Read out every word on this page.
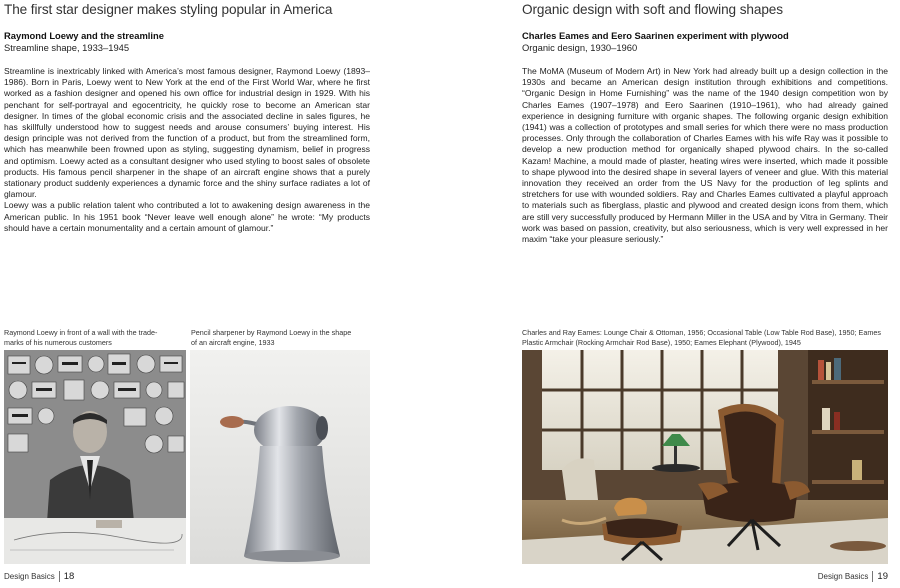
The first star designer makes styling popular in America
Raymond Loewy and the streamline
Streamline shape, 1933–1945

Streamline is inextricably linked with America’s most famous designer, Raymond Loewy (1893–1986). Born in Paris, Loewy went to New York at the end of the First World War, where he first worked as a fashion designer and opened his own office for industrial design in 1929. With his penchant for self-portrayal and egocentricity, he quickly rose to become an American star designer. In times of the global economic crisis and the associated decline in sales figures, he has skillfully understood how to suggest needs and arouse consumers’ buying interest. His design principle was not derived from the function of a product, but from the streamlined form, which has meanwhile been frowned upon as styling, suggesting dynamism, belief in progress and optimism. Loewy acted as a consultant designer who used styling to boost sales of obsolete products. His famous pencil sharpener in the shape of an aircraft engine shows that a purely stationary product suddenly experiences a dynamic force and the shiny surface radiates a lot of glamour.

Loewy was a public relation talent who contributed a lot to awakening design awareness in the American public. In his 1951 book “Never leave well enough alone” he wrote: “My products should have a certain monumentality and a certain amount of glamour.”

Raymond Loewy in front of a wall with the trade-marks of his numerous customers
Pencil sharpener by Raymond Loewy in the shape of an aircraft engine, 1933
Design Basics 18
Organic design with soft and flowing shapes
Charles Eames and Eero Saarinen experiment with plywood
Organic design, 1930–1960

The MoMA (Museum of Modern Art) in New York had already built up a design collection in the 1930s and became an American design institution through exhibitions and competitions. “Organic Design in Home Furnishing” was the name of the 1940 design competition won by Charles Eames (1907–1978) and Eero Saarinen (1910–1961), who had already gained experience in designing furniture with organic shapes. The following organic design exhibition (1941) was a collection of prototypes and small series for which there were no mass production processes. Only through the collaboration of Charles Eames with his wife Ray was it possible to develop a new production method for organically shaped plywood chairs. In the so-called Kazam! Machine, a mould made of plaster, heating wires were inserted, which made it possible to shape plywood into the desired shape in several layers of veneer and glue. With this material innovation they received an order from the US Navy for the production of leg splints and stretchers for use with wounded soldiers. Ray and Charles Eames cultivated a playful approach to materials such as fiberglass, plastic and plywood and created design icons from them, which are still very successfully produced by Hermann Miller in the USA and by Vitra in Germany. Their work was based on passion, creativity, but also seriousness, which is very well expressed in her maxim “take your pleasure seriously.”

Charles and Ray Eames: Lounge Chair & Ottoman, 1956; Occasional Table (Low Table Rod Base), 1950; Eames Plastic Armchair (Rocking Armchair Rod Base), 1950; Eames Elephant (Plywood), 1945
Design Basics 19
